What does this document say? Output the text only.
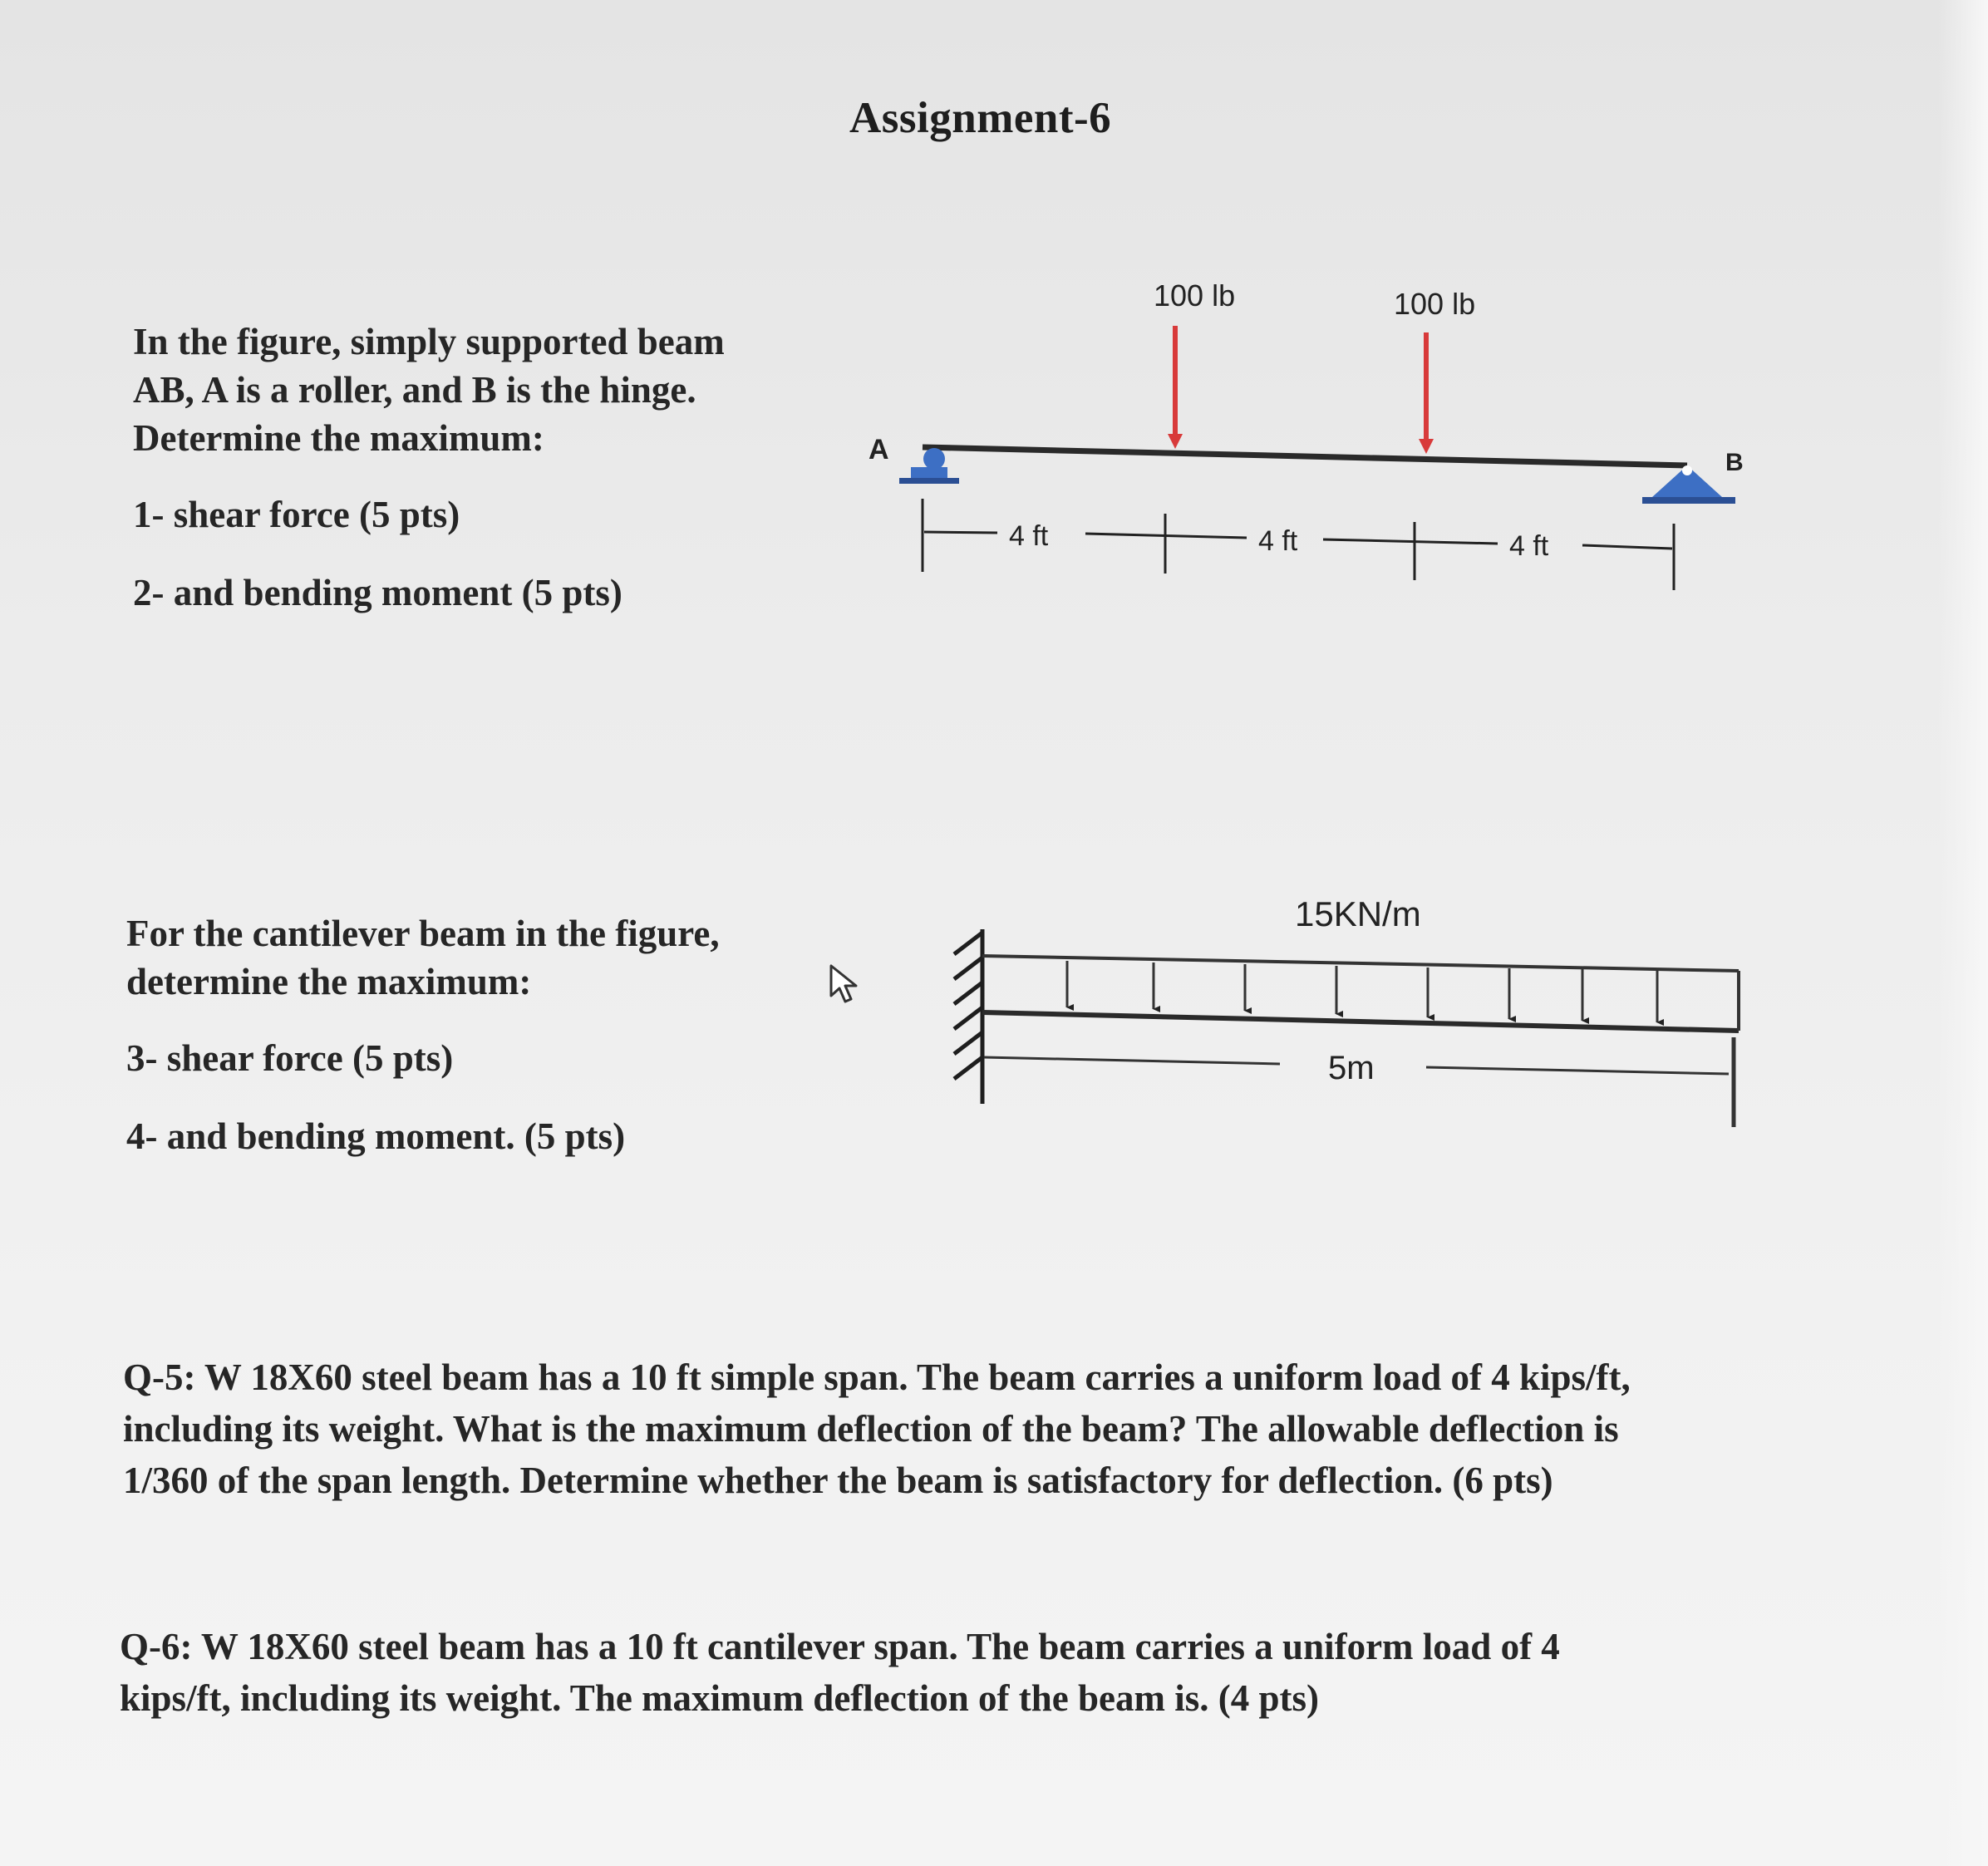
Assignment-6

In the figure, simply supported beam

AB, A is a roller, and B is the hinge.

Determine the maximum:

1- shear force (5 pts)

2- and bending moment (5 pts)

For the cantilever beam in the figure,

determine the maximum:

3- shear force (5 pts)

4- and bending moment. (5 pts)

Q-5: W 18X60 steel beam has a 10 ft simple span. The beam carries a uniform load of 4 kips/ft,

including its weight. What is the maximum deflection of the beam? The allowable deflection is

1/360 of the span length. Determine whether the beam is satisfactory for deflection. (6 pts)

Q-6: W 18X60 steel beam has a 10 ft cantilever span. The beam carries a uniform load of 4

kips/ft, including its weight. The maximum deflection of the beam is. (4 pts)

A	B
100 lb	100 lb
4 ft	4 ft	4 ft
15KN/m
5m
